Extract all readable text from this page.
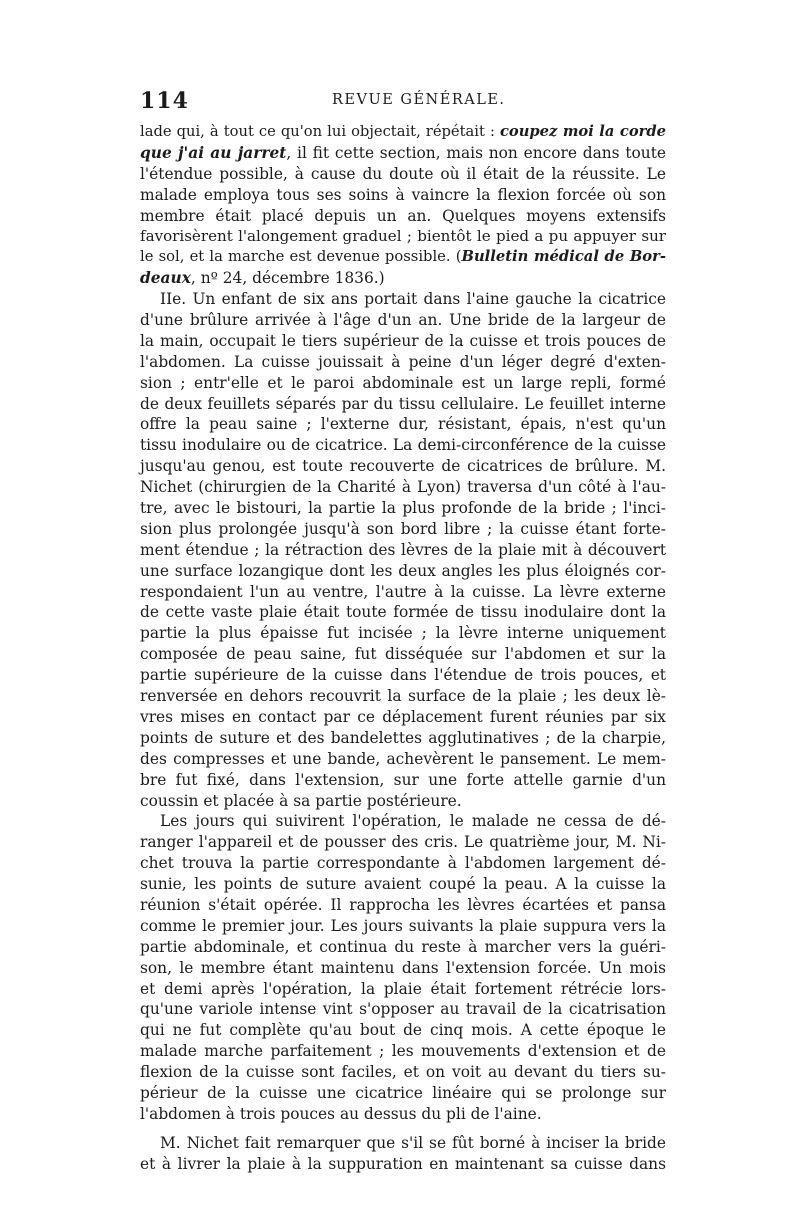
114	REVUE GÉNÉRALE.
lade qui, à tout ce qu'on lui objectait, répétait : coupez moi la corde
que j'ai au jarret, il fit cette section, mais non encore dans toute
l'étendue possible, à cause du doute où il était de la réussite. Le
malade employa tous ses soins à vaincre la flexion forcée où son
membre était placé depuis un an. Quelques moyens extensifs
favorisèrent l'alongement graduel ; bientôt le pied a pu appuyer sur
le sol, et la marche est devenue possible. (Bulletin médical de Bor-
deaux, nº 24, décembre 1836.)
IIe. Un enfant de six ans portait dans l'aine gauche la cicatrice
d'une brûlure arrivée à l'âge d'un an. Une bride de la largeur de
la main, occupait le tiers supérieur de la cuisse et trois pouces de
l'abdomen. La cuisse jouissait à peine d'un léger degré d'exten-
sion ; entr'elle et le paroi abdominale est un large repli, formé
de deux feuillets séparés par du tissu cellulaire. Le feuillet interne
offre la peau saine ; l'externe dur, résistant, épais, n'est qu'un
tissu inodulaire ou de cicatrice. La demi-circonférence de la cuisse
jusqu'au genou, est toute recouverte de cicatrices de brûlure. M.
Nichet (chirurgien de la Charité à Lyon) traversa d'un côté à l'au-
tre, avec le bistouri, la partie la plus profonde de la bride ; l'inci-
sion plus prolongée jusqu'à son bord libre ; la cuisse étant forte-
ment étendue ; la rétraction des lèvres de la plaie mit à découvert
une surface lozangique dont les deux angles les plus éloignés cor-
respondaient l'un au ventre, l'autre à la cuisse. La lèvre externe
de cette vaste plaie était toute formée de tissu inodulaire dont la
partie la plus épaisse fut incisée ; la lèvre interne uniquement
composée de peau saine, fut disséquée sur l'abdomen et sur la
partie supérieure de la cuisse dans l'étendue de trois pouces, et
renversée en dehors recouvrit la surface de la plaie ; les deux lè-
vres mises en contact par ce déplacement furent réunies par six
points de suture et des bandelettes agglutinatives ; de la charpie,
des compresses et une bande, achevèrent le pansement. Le mem-
bre fut fixé, dans l'extension, sur une forte attelle garnie d'un
coussin et placée à sa partie postérieure.
Les jours qui suivirent l'opération, le malade ne cessa de dé-
ranger l'appareil et de pousser des cris. Le quatrième jour, M. Ni-
chet trouva la partie correspondante à l'abdomen largement dé-
sunie, les points de suture avaient coupé la peau. A la cuisse la
réunion s'était opérée. Il rapprocha les lèvres écartées et pansa
comme le premier jour. Les jours suivants la plaie suppura vers la
partie abdominale, et continua du reste à marcher vers la guéri-
son, le membre étant maintenu dans l'extension forcée. Un mois
et demi après l'opération, la plaie était fortement rétrécie lors-
qu'une variole intense vint s'opposer au travail de la cicatrisation
qui ne fut complète qu'au bout de cinq mois. A cette époque le
malade marche parfaitement ; les mouvements d'extension et de
flexion de la cuisse sont faciles, et on voit au devant du tiers su-
périeur de la cuisse une cicatrice linéaire qui se prolonge sur
l'abdomen à trois pouces au dessus du pli de l'aine.
M. Nichet fait remarquer que s'il se fût borné à inciser la bride
et à livrer la plaie à la suppuration en maintenant sa cuisse dans
